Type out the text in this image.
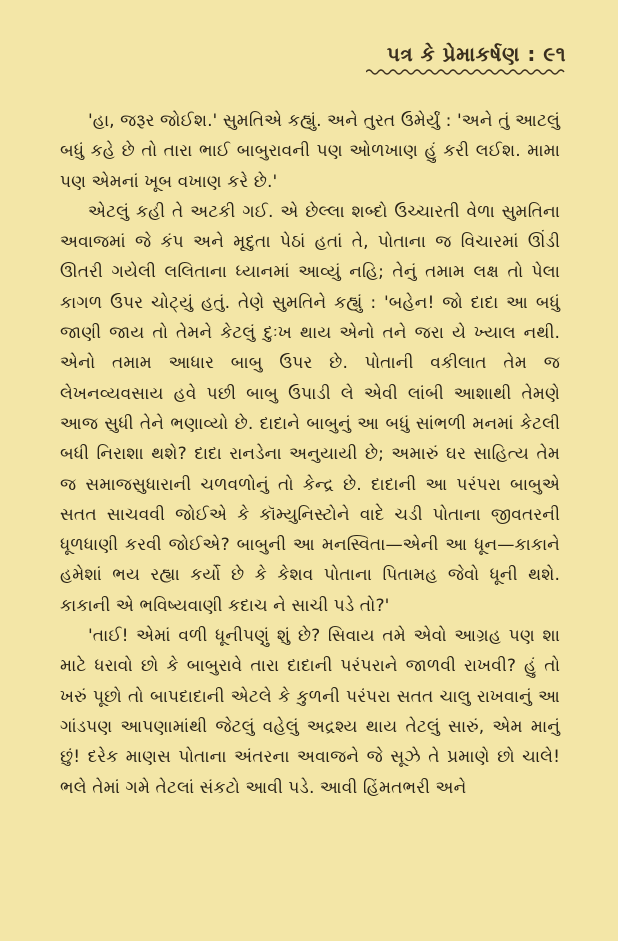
પત્ર કે પ્રેમાકર્ષણ : ૯૧

'હા, જરૂર જોઈશ.' સુમતિએ કહ્યું. અને તુરત ઉમેર્યું : 'અને તું આટલું બધું કહે છે તો તારા ભાઈ બાબુરાવની પણ ઓળખાણ હું કરી લઈશ. મામા પણ એમનાં ખૂબ વખાણ કરે છે.'

એટલું કહી તે અટકી ગઈ. એ છેલ્લા શબ્દો ઉચ્ચારતી વેળા સુમતિના અવાજમાં જે કંપ અને મૃદુતા પેઠાં હતાં તે, પોતાના જ વિચારમાં ઊંડી ઊતરી ગયેલી લલિતાના ધ્યાનમાં આવ્યું નહિ; તેનું તમામ લક્ષ તો પેલા કાગળ ઉપર ચોટ્યું હતું. તેણે સુમતિને કહ્યું : 'બહેન! જો દાદા આ બધું જાણી જાય તો તેમને કેટલું દુઃખ થાય એનો તને જરા યે ખ્યાલ નથી. એનો તમામ આધાર બાબુ ઉપર છે. પોતાની વકીલાત તેમ જ લેખનવ્યવસાય હવે પછી બાબુ ઉપાડી લે એવી લાંબી આશાથી તેમણે આજ સુધી તેને ભણાવ્યો છે. દાદાને બાબુનું આ બધું સાંભળી મનમાં કેટલી બધી નિરાશા થશે? દાદા રાનડેના અનુયાયી છે; અમારું ઘર સાહિત્ય તેમ જ સમાજસુધારાની ચળવળોનું તો કેન્દ્ર છે. દાદાની આ પરંપરા બાબુએ સતત સાચવવી જોઈએ કે કૉમ્યુનિસ્ટોને વાદે ચડી પોતાના જીવતરની ધૂળધાણી કરવી જોઈએ? બાબુની આ મનસ્વિતા—એની આ ધૂન—કાકાને હમેશાં ભય રહ્યા કર્યો છે કે કેશવ પોતાના પિતામહ જેવો ધૂની થશે. કાકાની એ ભવિષ્યવાણી કદાચ ને સાચી પડે તો?'

'તાઈ! એમાં વળી ધૂનીપણું શું છે? સિવાય તમે એવો આગ્રહ પણ શા માટે ધરાવો છો કે બાબુરાવે તારા દાદાની પરંપરાને જાળવી રાખવી? હું તો ખરું પૂછો તો બાપદાદાની એટલે કે કુળની પરંપરા સતત ચાલુ રાખવાનું આ ગાંડપણ આપણામાંથી જેટલું વહેલું અદ્રશ્ય થાય તેટલું સારું, એમ માનું છું! દરેક માણસ પોતાના અંતરના અવાજને જે સૂઝે તે પ્રમાણે છો ચાલે! ભલે તેમાં ગમે તેટલાં સંકટો આવી પડે. આવી હિંમતભરી અને
